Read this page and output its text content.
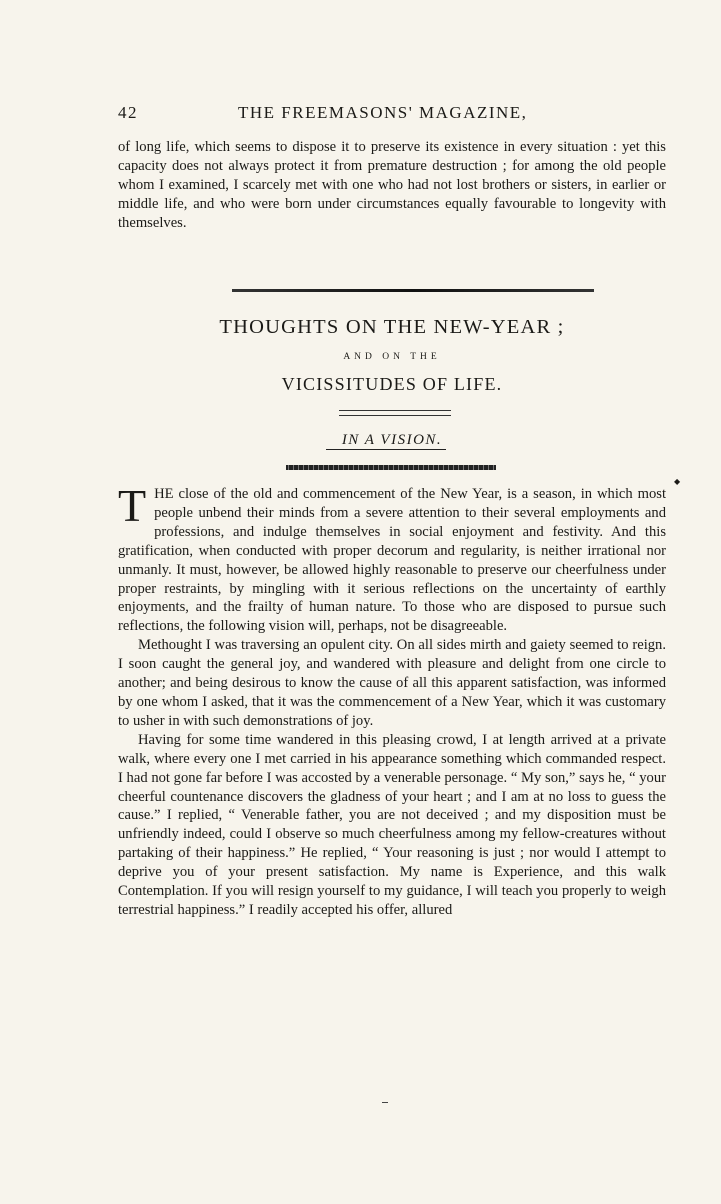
42	THE FREEMASONS' MAGAZINE,

of long life, which seems to dispose it to preserve its existence in every situation : yet this capacity does not always protect it from premature destruction ; for among the old people whom I examined, I scarcely met with one who had not lost brothers or sisters, in earlier or middle life, and who were born under circumstances equally favourable to longevity with themselves.

THOUGHTS ON THE NEW-YEAR ;
AND ON THE
VICISSITUDES OF LIFE.
IN A VISION.
◆

THE close of the old and commencement of the New Year, is a season, in which most people unbend their minds from a severe attention to their several employments and professions, and indulge themselves in social enjoyment and festivity. And this gratification, when conducted with proper decorum and regularity, is neither irrational nor unmanly. It must, however, be allowed highly reasonable to preserve our cheerfulness under proper restraints, by mingling with it serious reflections on the uncertainty of earthly enjoyments, and the frailty of human nature. To those who are disposed to pursue such reflections, the following vision will, perhaps, not be disagreeable.

Methought I was traversing an opulent city. On all sides mirth and gaiety seemed to reign. I soon caught the general joy, and wandered with pleasure and delight from one circle to another; and being desirous to know the cause of all this apparent satisfaction, was informed by one whom I asked, that it was the commencement of a New Year, which it was customary to usher in with such demonstrations of joy.

Having for some time wandered in this pleasing crowd, I at length arrived at a private walk, where every one I met carried in his appearance something which commanded respect. I had not gone far before I was accosted by a venerable personage. “ My son,” says he, “ your cheerful countenance discovers the gladness of your heart ; and I am at no loss to guess the cause.” I replied, “ Venerable father, you are not deceived ; and my disposition must be unfriendly indeed, could I observe so much cheerfulness among my fellow-creatures without partaking of their happiness.” He replied, “ Your reasoning is just ; nor would I attempt to deprive you of your present satisfaction. My name is Experience, and this walk Contemplation. If you will resign yourself to my guidance, I will teach you properly to weigh terrestrial happiness.” I readily accepted his offer, allured
